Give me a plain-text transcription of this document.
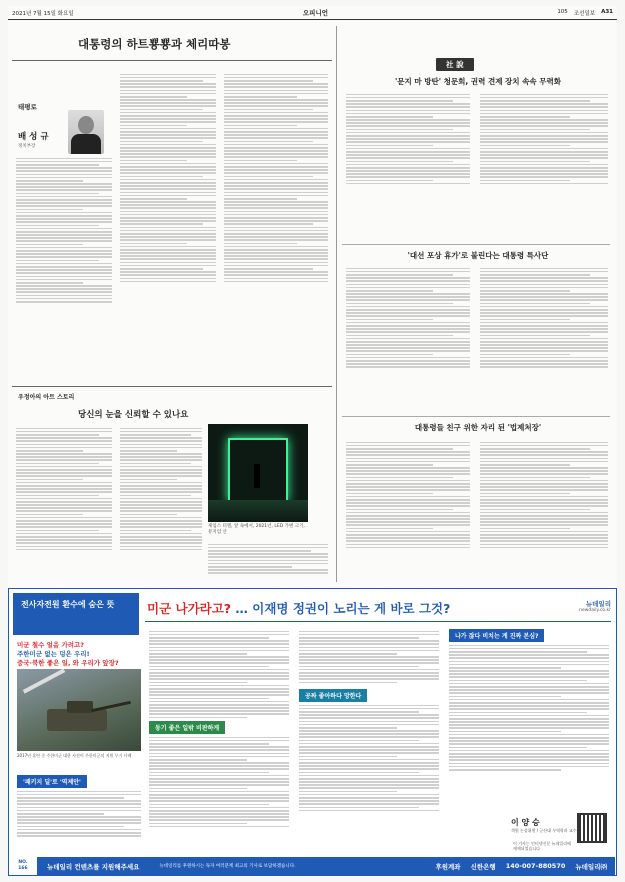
2021년 7월 15일 화요일	오피니언	105 조선일보 A31
대통령의 하트뿅뿅과 체리따봉
태평로
배 성 규
정치부장
우정아의 아트 스토리
당신의 눈을 신뢰할 수 있나요
제임스 터렐, 앞 속에서, 2021년, LED 가변 크기, 뮤지엄 산
社 說
'문지 마 방탄' 청문회, 권력 견제 장치 속속 무력화
'대선 포상 휴가'로 불린다는 대통령 특사단
대통령들 친구 위한 자리 된 '법제처장'
전사자전원 환수에 숨은 뜻	미군 나가라고? … 이재명 정권이 노리는 게 바로 그것?	뉴데일리
newdaily.co.kr
미군 철수 얼음 가려고?
주한미군 없는 덩은 우리!
중국·북한 좋은 일, 와 우리가 앞장?
2017년 훈련 중 주한미군 대한 사진이 주한미군의 지원 무기 사례
'패키지 딜'로 '역제안'
동기 좋은 일밖 비판하게
공짜 좋아하다 망한다
나가 잖다 비치는 게 진짜 본심?
이 양 승
객원 논설위원 / 군산대 무역학과 교수
이 기사는 인터넷신문 뉴데일리에 게재되었습니다
NO.
166	뉴데일리 컨텐츠를 지원해주세요	뉴데일리를 후원하시는 독자 여러분께 최고의 기사로 보답하겠습니다.	후원계좌 신한은행 140-007-880570 뉴데일리㈜
